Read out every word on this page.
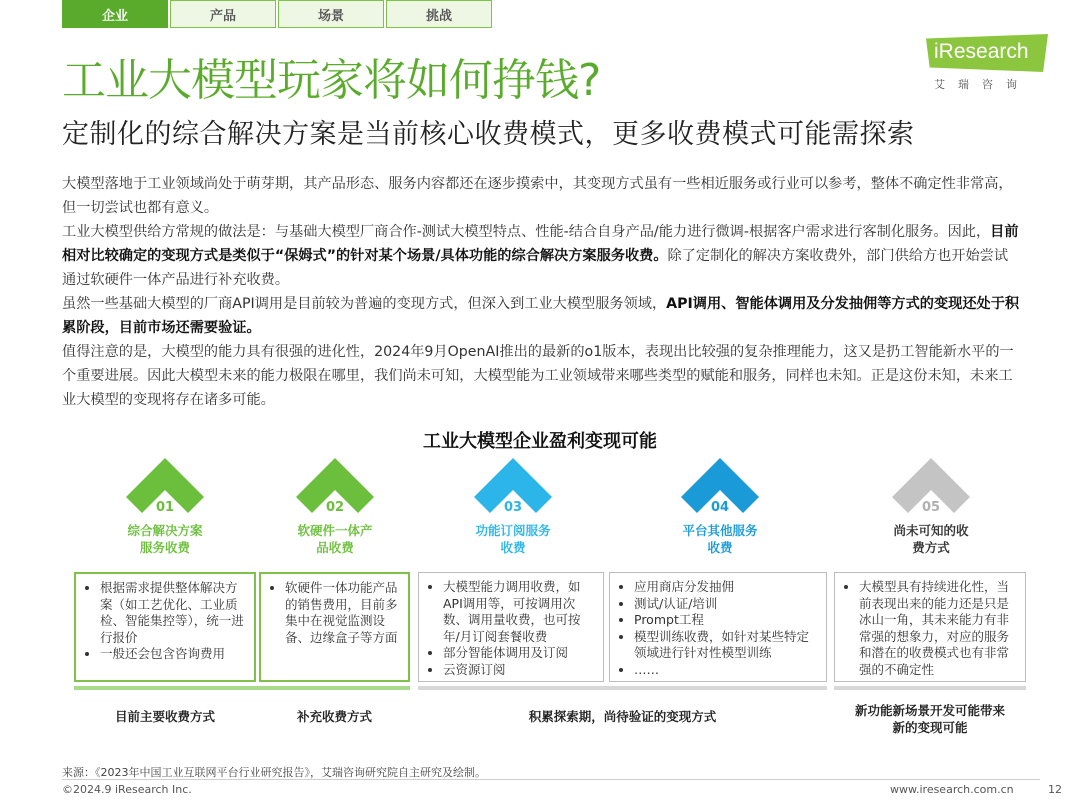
企业	产品	场景	挑战
iResearch
艾瑞咨询
工业大模型玩家将如何挣钱?
定制化的综合解决方案是当前核心收费模式，更多收费模式可能需探索

大模型落地于工业领域尚处于萌芽期，其产品形态、服务内容都还在逐步摸索中，其变现方式虽有一些相近服务或行业可以参考，整体不确定性非常高，但一切尝试也都有意义。

工业大模型供给方常规的做法是：与基础大模型厂商合作-测试大模型特点、性能-结合自身产品/能力进行微调-根据客户需求进行客制化服务。因此，目前相对比较确定的变现方式是类似于“保姆式”的针对某个场景/具体功能的综合解决方案服务收费。除了定制化的解决方案收费外，部门供给方也开始尝试通过软硬件一体产品进行补充收费。

虽然一些基础大模型的厂商API调用是目前较为普遍的变现方式，但深入到工业大模型服务领域，API调用、智能体调用及分发抽佣等方式的变现还处于积累阶段，目前市场还需要验证。

值得注意的是，大模型的能力具有很强的进化性，2024年9月OpenAI推出的最新的o1版本，表现出比较强的复杂推理能力，这又是扔工智能新水平的一个重要进展。因此大模型未来的能力极限在哪里，我们尚未可知，大模型能为工业领域带来哪些类型的赋能和服务，同样也未知。正是这份未知，未来工业大模型的变现将存在诸多可能。

工业大模型企业盈利变现可能
01
综合解决方案
服务收费
02
软硬件一体产
品收费
03
功能订阅服务
收费
04
平台其他服务
收费
05
尚未可知的收
费方式
• 根据需求提供整体解决方案（如工艺优化、工业质检、智能集控等），统一进行报价
• 一般还会包含咨询费用
• 软硬件一体功能产品的销售费用，目前多集中在视觉监测设备、边缘盒子等方面
• 大模型能力调用收费，如API调用等，可按调用次数、调用量收费，也可按年/月订阅套餐收费
• 部分智能体调用及订阅
• 云资源订阅
• 应用商店分发抽佣
• 测试/认证/培训
• Prompt工程
• 模型训练收费，如针对某些特定领域进行针对性模型训练
• ……
• 大模型具有持续进化性，当前表现出来的能力还是只是冰山一角，其未来能力有非常强的想象力，对应的服务和潜在的收费模式也有非常强的不确定性
目前主要收费方式	补充收费方式	积累探索期，尚待验证的变现方式	新功能新场景开发可能带来
新的变现可能
来源：《2023年中国工业互联网平台行业研究报告》，艾瑞咨询研究院自主研究及绘制。
©2024.9 iResearch Inc.	www.iresearch.com.cn	12
